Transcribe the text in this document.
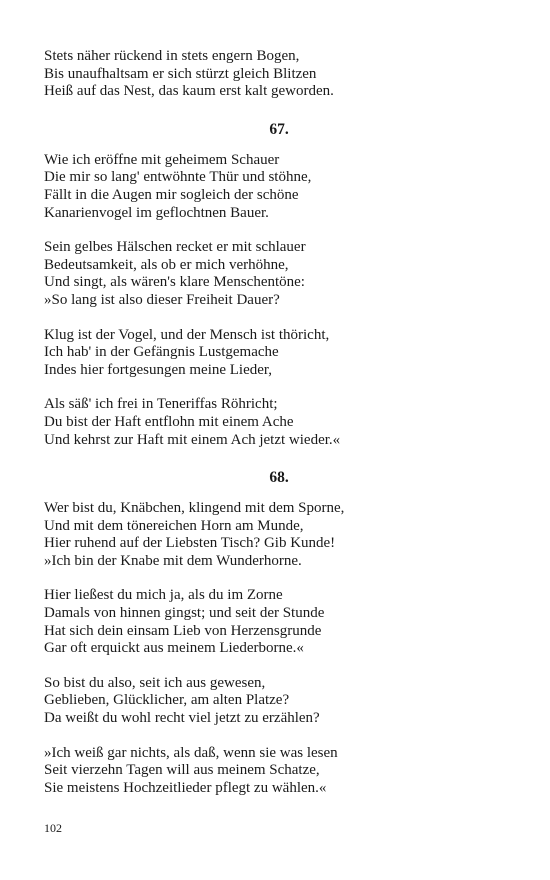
Stets näher rückend in stets engern Bogen,
Bis unaufhaltsam er sich stürzt gleich Blitzen
Heiß auf das Nest, das kaum erst kalt geworden.
67.
Wie ich eröffne mit geheimem Schauer
Die mir so lang' entwöhnte Thür und stöhne,
Fällt in die Augen mir sogleich der schöne
Kanarienvogel im geflochtnen Bauer.
Sein gelbes Hälschen recket er mit schlauer
Bedeutsamkeit, als ob er mich verhöhne,
Und singt, als wären's klare Menschentöne:
»So lang ist also dieser Freiheit Dauer?
Klug ist der Vogel, und der Mensch ist thöricht,
Ich hab' in der Gefängnis Lustgemache
Indes hier fortgesungen meine Lieder,
Als säß' ich frei in Teneriffas Röhricht;
Du bist der Haft entflohn mit einem Ache
Und kehrst zur Haft mit einem Ach jetzt wieder.«
68.
Wer bist du, Knäbchen, klingend mit dem Sporne,
Und mit dem tönereichen Horn am Munde,
Hier ruhend auf der Liebsten Tisch? Gib Kunde!
»Ich bin der Knabe mit dem Wunderhorne.
Hier ließest du mich ja, als du im Zorne
Damals von hinnen gingst; und seit der Stunde
Hat sich dein einsam Lieb von Herzensgrunde
Gar oft erquickt aus meinem Liederborne.«
So bist du also, seit ich aus gewesen,
Geblieben, Glücklicher, am alten Platze?
Da weißt du wohl recht viel jetzt zu erzählen?
»Ich weiß gar nichts, als daß, wenn sie was lesen
Seit vierzehn Tagen will aus meinem Schatze,
Sie meistens Hochzeitlieder pflegt zu wählen.«
102
